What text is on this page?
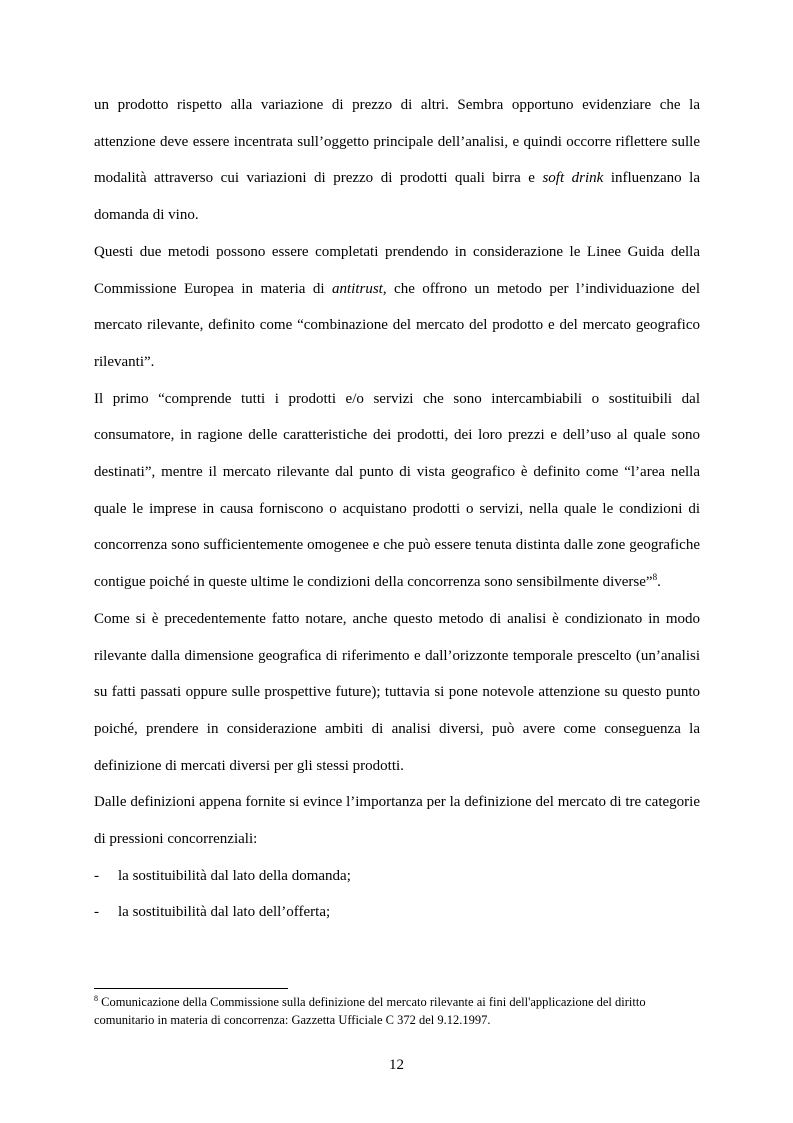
un prodotto rispetto alla variazione di prezzo di altri. Sembra opportuno evidenziare che la attenzione deve essere incentrata sull’oggetto principale dell’analisi, e quindi occorre riflettere sulle modalità attraverso cui variazioni di prezzo di prodotti quali birra e soft drink influenzano la domanda di vino.

Questi due metodi possono essere completati prendendo in considerazione le Linee Guida della Commissione Europea in materia di antitrust, che offrono un metodo per l’individuazione del mercato rilevante, definito come “combinazione del mercato del prodotto e del mercato geografico rilevanti”.

Il primo “comprende tutti i prodotti e/o servizi che sono intercambiabili o sostituibili dal consumatore, in ragione delle caratteristiche dei prodotti, dei loro prezzi e dell’uso al quale sono destinati”, mentre il mercato rilevante dal punto di vista geografico è definito come “l’area nella quale le imprese in causa forniscono o acquistano prodotti o servizi, nella quale le condizioni di concorrenza sono sufficientemente omogenee e che può essere tenuta distinta dalle zone geografiche contigue poiché in queste ultime le condizioni della concorrenza sono sensibilmente diverse”$^8$.

Come si è precedentemente fatto notare, anche questo metodo di analisi è condizionato in modo rilevante dalla dimensione geografica di riferimento e dall’orizzonte temporale prescelto (un’analisi su fatti passati oppure sulle prospettive future); tuttavia si pone notevole attenzione su questo punto poiché, prendere in considerazione ambiti di analisi diversi, può avere come conseguenza la definizione di mercati diversi per gli stessi prodotti.

Dalle definizioni appena fornite si evince l’importanza per la definizione del mercato di tre categorie di pressioni concorrenziali:

- la sostituibilità dal lato della domanda;
- la sostituibilità dal lato dell’offerta;
$^8$ Comunicazione della Commissione sulla definizione del mercato rilevante ai fini dell'applicazione del diritto comunitario in materia di concorrenza: Gazzetta Ufficiale C 372 del 9.12.1997.
12
